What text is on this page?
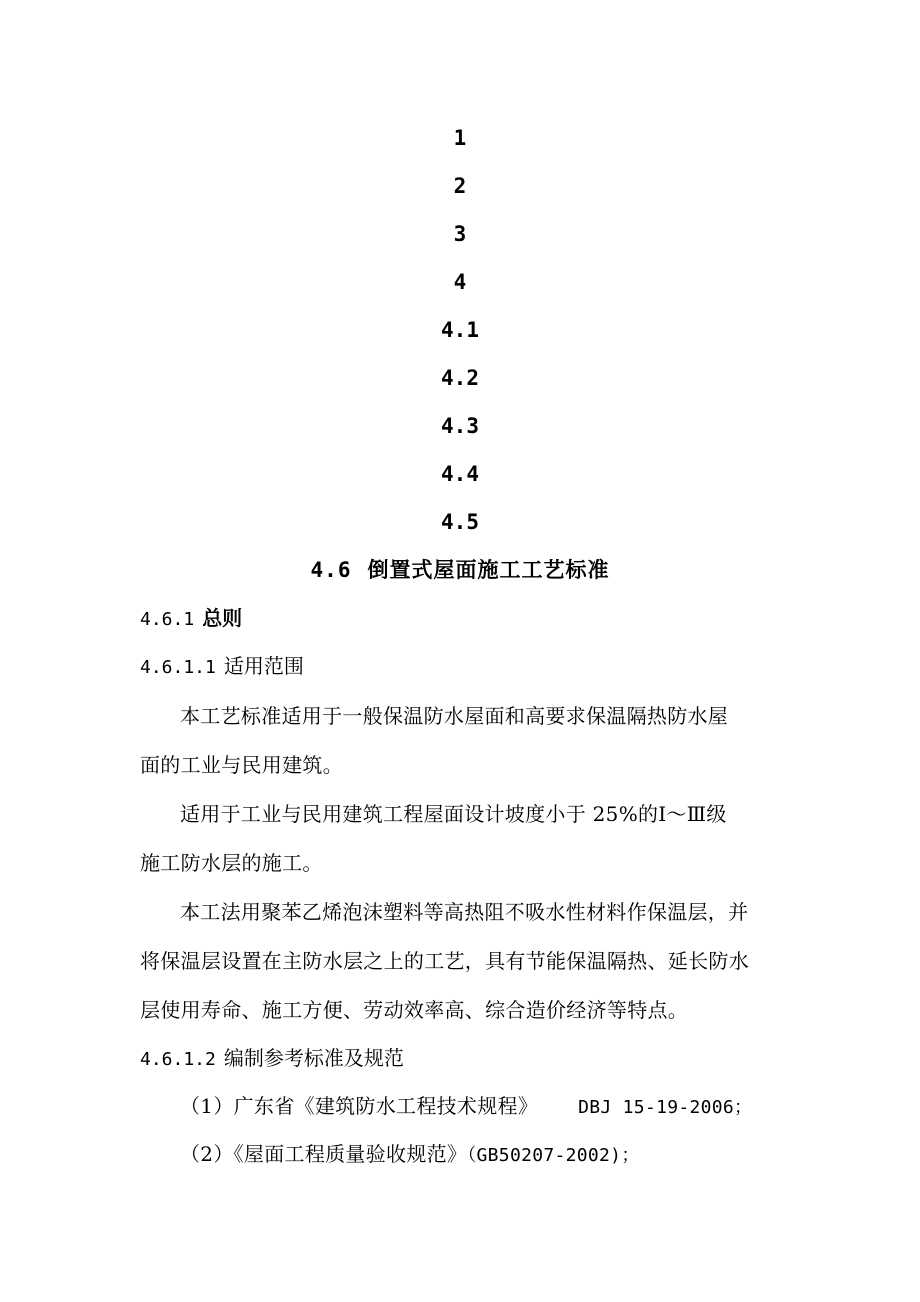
1
2
3
4
4.1
4.2
4.3
4.4
4.5
4.6 倒置式屋面施工工艺标准
4.6.1 总则
4.6.1.1 适用范围
本工艺标准适用于一般保温防水屋面和高要求保温隔热防水屋
面的工业与民用建筑。
适用于工业与民用建筑工程屋面设计坡度小于 25%的Ⅰ～Ⅲ级
施工防水层的施工。
本工法用聚苯乙烯泡沫塑料等高热阻不吸水性材料作保温层，并
将保温层设置在主防水层之上的工艺，具有节能保温隔热、延长防水
层使用寿命、施工方便、劳动效率高、综合造价经济等特点。
4.6.1.2 编制参考标准及规范
（1）广东省《建筑防水工程技术规程》 DBJ 15-19-2006；
（2）《屋面工程质量验收规范》（GB50207-2002)；
